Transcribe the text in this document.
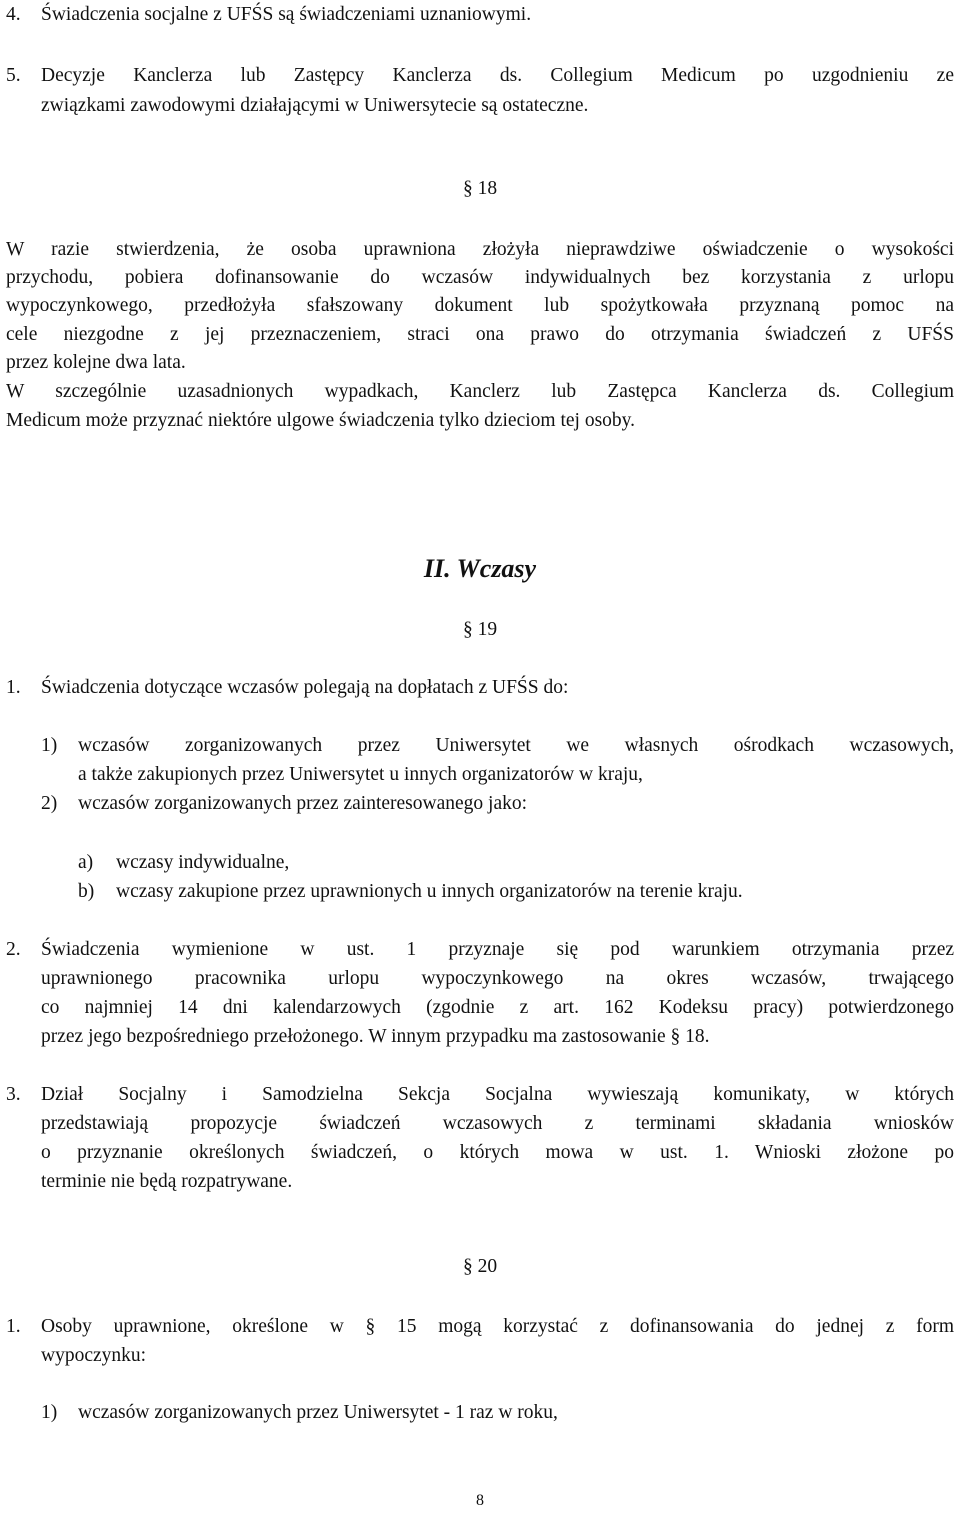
4. Świadczenia socjalne z UFŚS są świadczeniami uznaniowymi.
5. Decyzje Kanclerza lub Zastępcy Kanclerza ds. Collegium Medicum po uzgodnieniu ze
związkami zawodowymi działającymi w Uniwersytecie są ostateczne.
§ 18
W razie stwierdzenia, że osoba uprawniona złożyła nieprawdziwe oświadczenie o wysokości
przychodu, pobiera dofinansowanie do wczasów indywidualnych bez korzystania z urlopu
wypoczynkowego, przedłożyła sfałszowany dokument lub spożytkowała przyznaną pomoc na
cele niezgodne z jej przeznaczeniem, straci ona prawo do otrzymania świadczeń z UFŚS
przez kolejne dwa lata.
W szczególnie uzasadnionych wypadkach, Kanclerz lub Zastępca Kanclerza ds. Collegium
Medicum może przyznać niektóre ulgowe świadczenia tylko dzieciom tej osoby.
II. Wczasy
§ 19
1. Świadczenia dotyczące wczasów polegają na dopłatach z UFŚS do:
1) wczasów zorganizowanych przez Uniwersytet we własnych ośrodkach wczasowych,
a także zakupionych przez Uniwersytet u innych organizatorów w kraju,
2) wczasów zorganizowanych przez zainteresowanego jako:
a) wczasy indywidualne,
b) wczasy zakupione przez uprawnionych u innych organizatorów na terenie kraju.
2. Świadczenia wymienione w ust. 1 przyznaje się pod warunkiem otrzymania przez
uprawnionego pracownika urlopu wypoczynkowego na okres wczasów, trwającego
co najmniej 14 dni kalendarzowych (zgodnie z art. 162 Kodeksu pracy) potwierdzonego
przez jego bezpośredniego przełożonego. W innym przypadku ma zastosowanie § 18.
3. Dział Socjalny i Samodzielna Sekcja Socjalna wywieszają komunikaty, w których
przedstawiają propozycje świadczeń wczasowych z terminami składania wniosków
o przyznanie określonych świadczeń, o których mowa w ust. 1. Wnioski złożone po
terminie nie będą rozpatrywane.
§ 20
1. Osoby uprawnione, określone w § 15 mogą korzystać z dofinansowania do jednej z form
wypoczynku:
1) wczasów zorganizowanych przez Uniwersytet - 1 raz w roku,
8
